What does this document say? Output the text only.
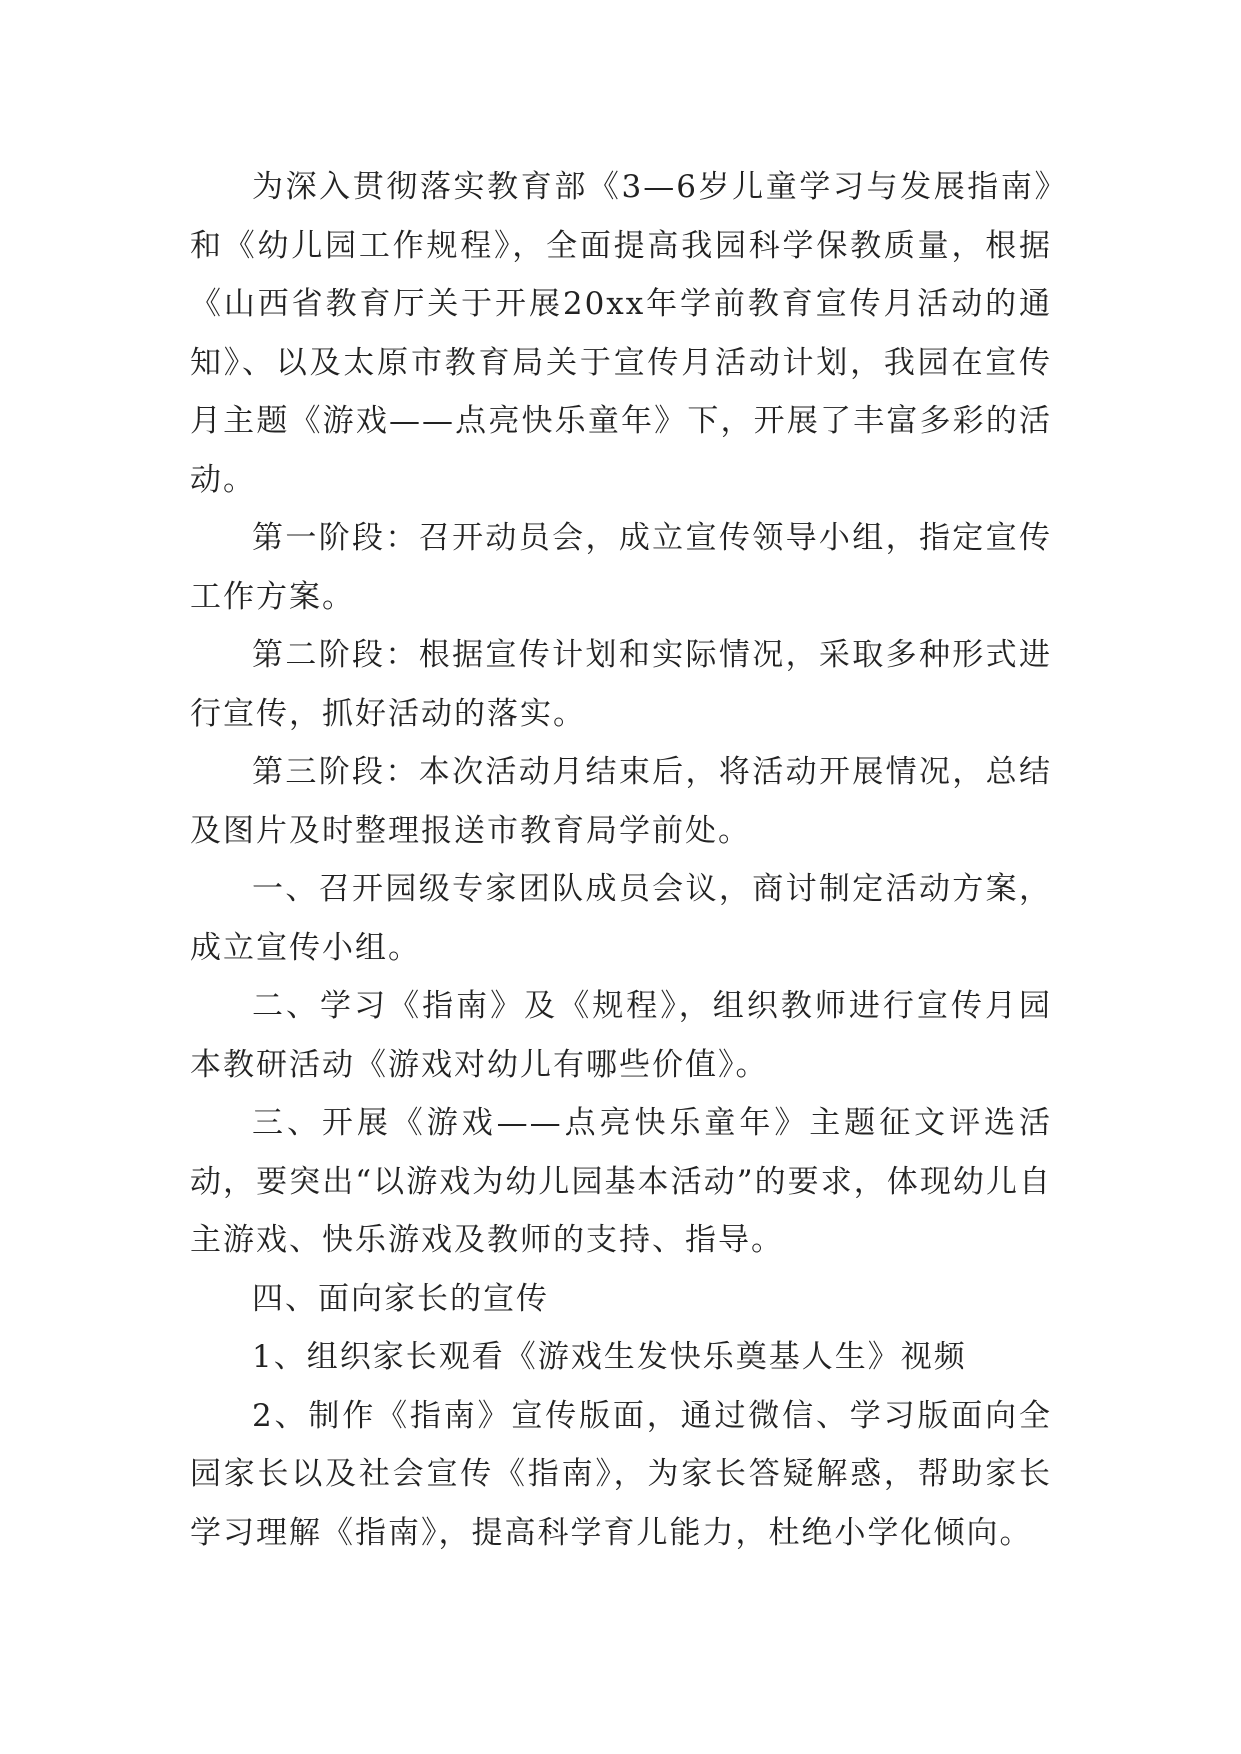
为深入贯彻落实教育部《3—6岁儿童学习与发展指南》和《幼儿园工作规程》，全面提高我园科学保教质量，根据《山西省教育厅关于开展20xx年学前教育宣传月活动的通知》、以及太原市教育局关于宣传月活动计划，我园在宣传月主题《游戏——点亮快乐童年》下，开展了丰富多彩的活动。

第一阶段：召开动员会，成立宣传领导小组，指定宣传工作方案。

第二阶段：根据宣传计划和实际情况，采取多种形式进行宣传，抓好活动的落实。

第三阶段：本次活动月结束后，将活动开展情况，总结及图片及时整理报送市教育局学前处。

一、召开园级专家团队成员会议，商讨制定活动方案，成立宣传小组。

二、学习《指南》及《规程》，组织教师进行宣传月园本教研活动《游戏对幼儿有哪些价值》。

三、开展《游戏——点亮快乐童年》主题征文评选活动，要突出“以游戏为幼儿园基本活动”的要求，体现幼儿自主游戏、快乐游戏及教师的支持、指导。

四、面向家长的宣传

1、组织家长观看《游戏生发快乐奠基人生》视频

2、制作《指南》宣传版面，通过微信、学习版面向全园家长以及社会宣传《指南》，为家长答疑解惑，帮助家长学习理解《指南》，提高科学育儿能力，杜绝小学化倾向。
